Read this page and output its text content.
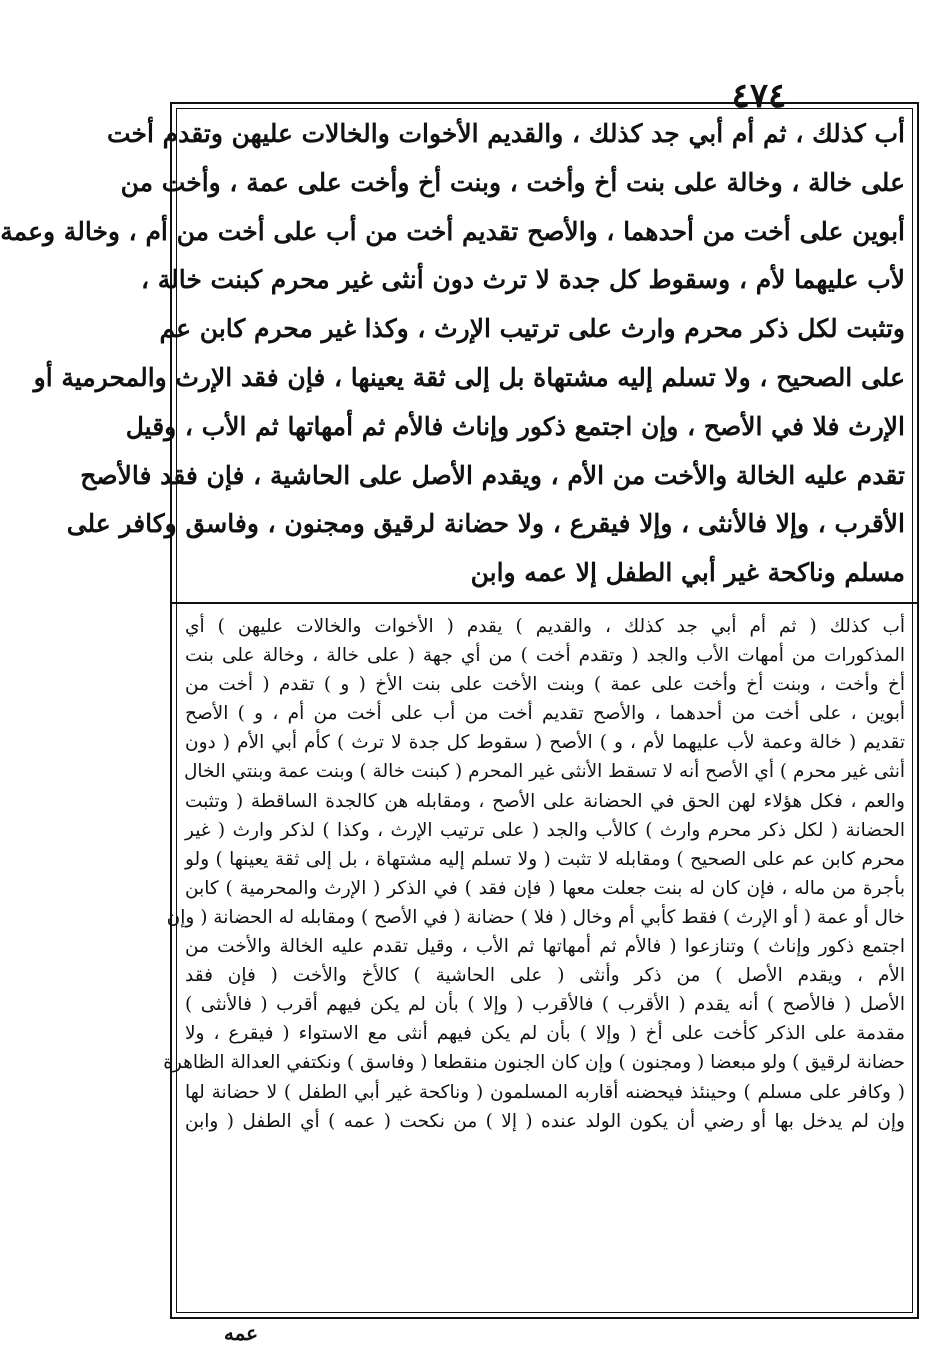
٤٧٤
أب كذلك ، ثم أم أبي جد كذلك ، والقديم الأخوات والخالات عليهن وتقدم أخت
على خالة ، وخالة على بنت أخ وأخت ، وبنت أخ وأخت على عمة ، وأخت من
أبوين على أخت من أحدهما ، والأصح تقديم أخت من أب على أخت من أم ، وخالة وعمة
لأب عليهما لأم ، وسقوط كل جدة لا ترث دون أنثى غير محرم كبنت خالة ،
وتثبت لكل ذكر محرم وارث على ترتيب الإرث ، وكذا غير محرم كابن عم
على الصحيح ، ولا تسلم إليه مشتهاة بل إلى ثقة يعينها ، فإن فقد الإرث والمحرمية أو
الإرث فلا في الأصح ، وإن اجتمع ذكور وإناث فالأم ثم أمهاتها ثم الأب ، وقيل
تقدم عليه الخالة والأخت من الأم ، ويقدم الأصل على الحاشية ، فإن فقد فالأصح
الأقرب ، وإلا فالأنثى ، وإلا فيقرع ، ولا حضانة لرقيق ومجنون ، وفاسق وكافر على
مسلم وناكحة غير أبي الطفل إلا عمه وابن
أب كذلك ( ثم أم أبي جد كذلك ، والقديم ) يقدم ( الأخوات والخالات عليهن ) أي
المذكورات من أمهات الأب والجد ( وتقدم أخت ) من أي جهة ( على خالة ، وخالة على بنت
أخ وأخت ، وبنت أخ وأخت على عمة ) وبنت الأخت على بنت الأخ ( و ) تقدم ( أخت من
أبوين ، على أخت من أحدهما ، والأصح تقديم أخت من أب على أخت من أم ، و ) الأصح
تقديم ( خالة وعمة لأب عليهما لأم ، و ) الأصح ( سقوط كل جدة لا ترث ) كأم أبي الأم ( دون
أنثى غير محرم ) أي الأصح أنه لا تسقط الأنثى غير المحرم ( كبنت خالة ) وبنت عمة وبنتي الخال
والعم ، فكل هؤلاء لهن الحق في الحضانة على الأصح ، ومقابله هن كالجدة الساقطة ( وتثبت
الحضانة ( لكل ذكر محرم وارث ) كالأب والجد ( على ترتيب الإرث ، وكذا ) لذكر وارث ( غير
محرم كابن عم على الصحيح ) ومقابله لا تثبت ( ولا تسلم إليه مشتهاة ، بل إلى ثقة يعينها ) ولو
بأجرة من ماله ، فإن كان له بنت جعلت معها ( فإن فقد ) في الذكر ( الإرث والمحرمية ) كابن
خال أو عمة ( أو الإرث ) فقط كأبي أم وخال ( فلا ) حضانة ( في الأصح ) ومقابله له الحضانة ( وإن
اجتمع ذكور وإناث ) وتنازعوا ( فالأم ثم أمهاتها ثم الأب ، وقيل تقدم عليه الخالة والأخت من
الأم ، ويقدم الأصل ) من ذكر وأنثى ( على الحاشية ) كالأخ والأخت ( فإن فقد
الأصل ( فالأصح ) أنه يقدم ( الأقرب ) فالأقرب ( وإلا ) بأن لم يكن فيهم أقرب ( فالأنثى )
مقدمة على الذكر كأخت على أخ ( وإلا ) بأن لم يكن فيهم أنثى مع الاستواء ( فيقرع ، ولا
حضانة لرقيق ) ولو مبعضا ( ومجنون ) وإن كان الجنون منقطعا ( وفاسق ) ونكتفي العدالة الظاهرة
( وكافر على مسلم ) وحينئذ فيحضنه أقاربه المسلمون ( وناكحة غير أبي الطفل ) لا حضانة لها
وإن لم يدخل بها أو رضي أن يكون الولد عنده ( إلا ) من نكحت ( عمه ) أي الطفل ( وابن
عمه
